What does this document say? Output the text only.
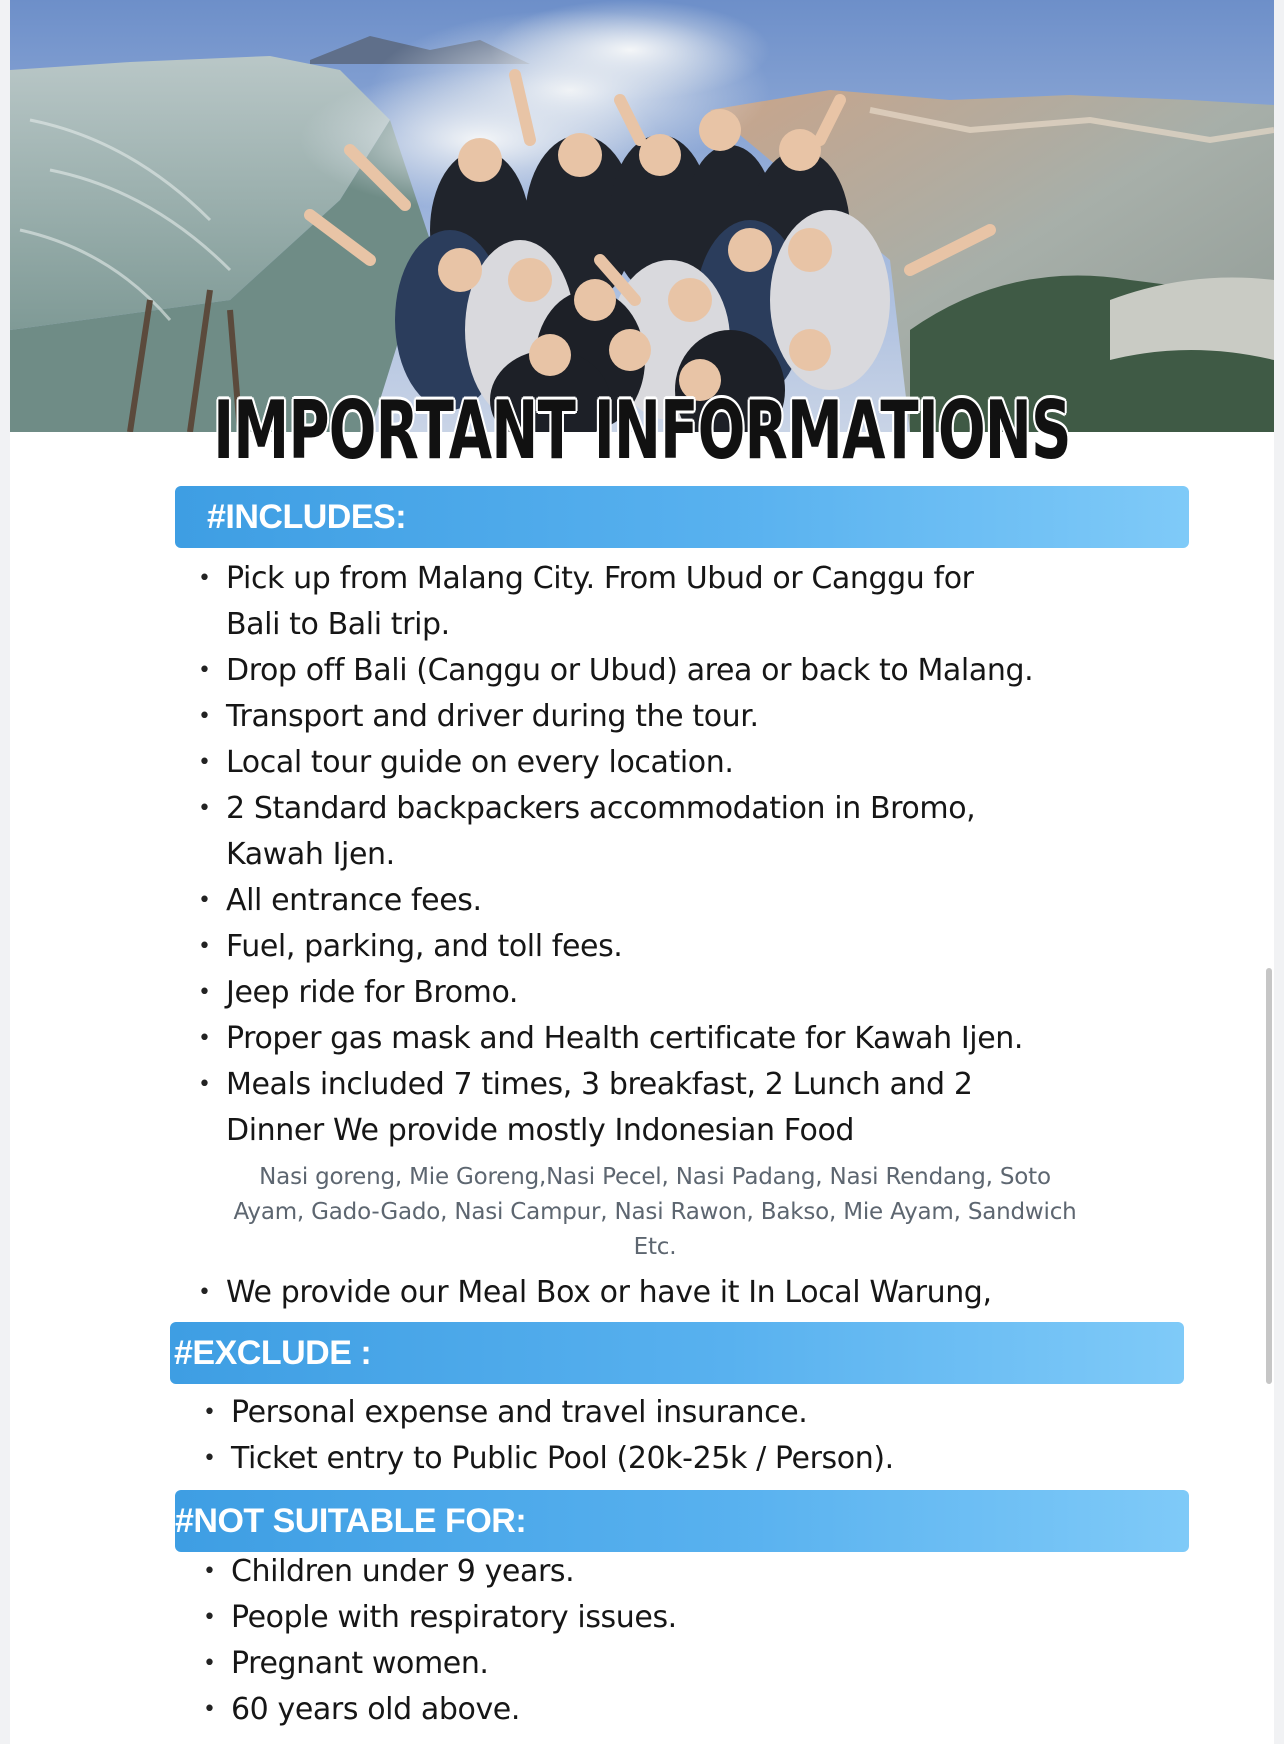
IMPORTANT INFORMATIONS
#INCLUDES:
• Pick up from Malang City. From Ubud or Canggu for
Bali to Bali trip.
• Drop off Bali (Canggu or Ubud) area or back to Malang.
• Transport and driver during the tour.
• Local tour guide on every location.
• 2 Standard backpackers accommodation in Bromo,
Kawah Ijen.
• All entrance fees.
• Fuel, parking, and toll fees.
• Jeep ride for Bromo.
• Proper gas mask and Health certificate for Kawah Ijen.
• Meals included 7 times, 3 breakfast, 2 Lunch and 2
Dinner We provide mostly Indonesian Food
Nasi goreng, Mie Goreng,Nasi Pecel, Nasi Padang, Nasi Rendang, Soto Ayam, Gado-Gado, Nasi Campur, Nasi Rawon, Bakso, Mie Ayam, Sandwich Etc.
• We provide our Meal Box or have it In Local Warung,
#EXCLUDE :
• Personal expense and travel insurance.
• Ticket entry to Public Pool (20k-25k / Person).
#NOT SUITABLE FOR:
• Children under 9 years.
• People with respiratory issues.
• Pregnant women.
• 60 years old above.
